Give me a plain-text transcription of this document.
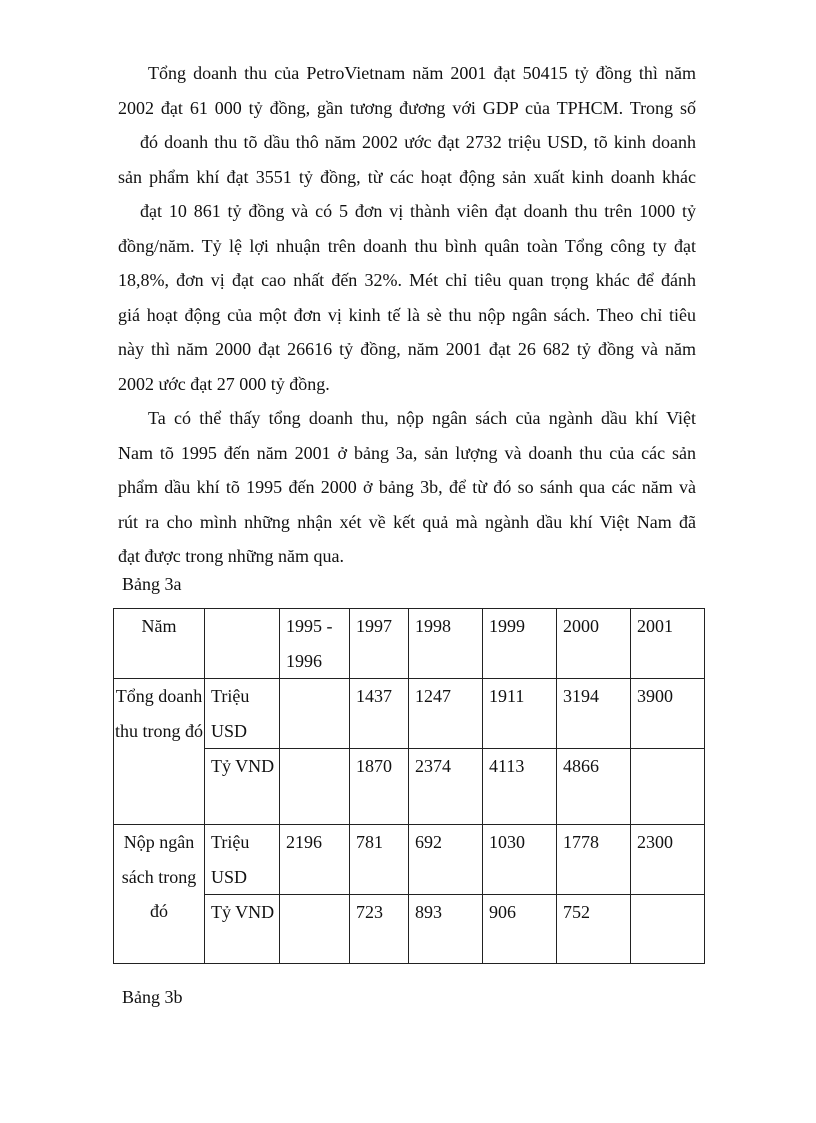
Tổng doanh thu của PetroVietnam năm 2001 đạt 50415 tỷ đồng thì năm
2002 đạt 61 000 tỷ đồng, gần tương đương với GDP của TPHCM. Trong số
đó doanh thu tõ dầu thô năm 2002 ước đạt 2732 triệu USD, tõ kinh doanh
sản phẩm khí đạt 3551 tỷ đồng, từ các hoạt động sản xuất kinh doanh khác
đạt 10 861 tỷ đồng và có 5 đơn vị thành viên đạt doanh thu trên 1000 tỷ
đồng/năm. Tỷ lệ lợi nhuận trên doanh thu bình quân toàn Tổng công ty đạt
18,8%, đơn vị đạt cao nhất đến 32%. Mét chỉ tiêu quan trọng khác để đánh
giá hoạt động của một đơn vị kinh tế là sè thu nộp ngân sách. Theo chỉ tiêu
này thì năm 2000 đạt 26616 tỷ đồng, năm 2001 đạt 26 682 tỷ đồng và năm
2002 ước đạt 27 000 tỷ đồng.
Ta có thể thấy tổng doanh thu, nộp ngân sách của ngành dầu khí Việt
Nam tõ 1995 đến năm 2001 ở bảng 3a, sản lượng và doanh thu của các sản
phẩm dầu khí tõ 1995 đến 2000 ở bảng 3b, để từ đó so sánh qua các năm và
rút ra cho mình những nhận xét về kết quả mà ngành dầu khí Việt Nam đã
đạt được trong những năm qua.

Bảng 3a

Năm		1995 - 1996	1997	1998	1999	2000	2001
Tổng doanh thu trong đó	Triệu USD		1437	1247	1911	3194	3900
	Tỷ VND		1870	2374	4113	4866	
Nộp ngân sách trong đó	Triệu USD	2196	781	692	1030	1778	2300
	Tỷ VND		723	893	906	752	

Bảng 3b
